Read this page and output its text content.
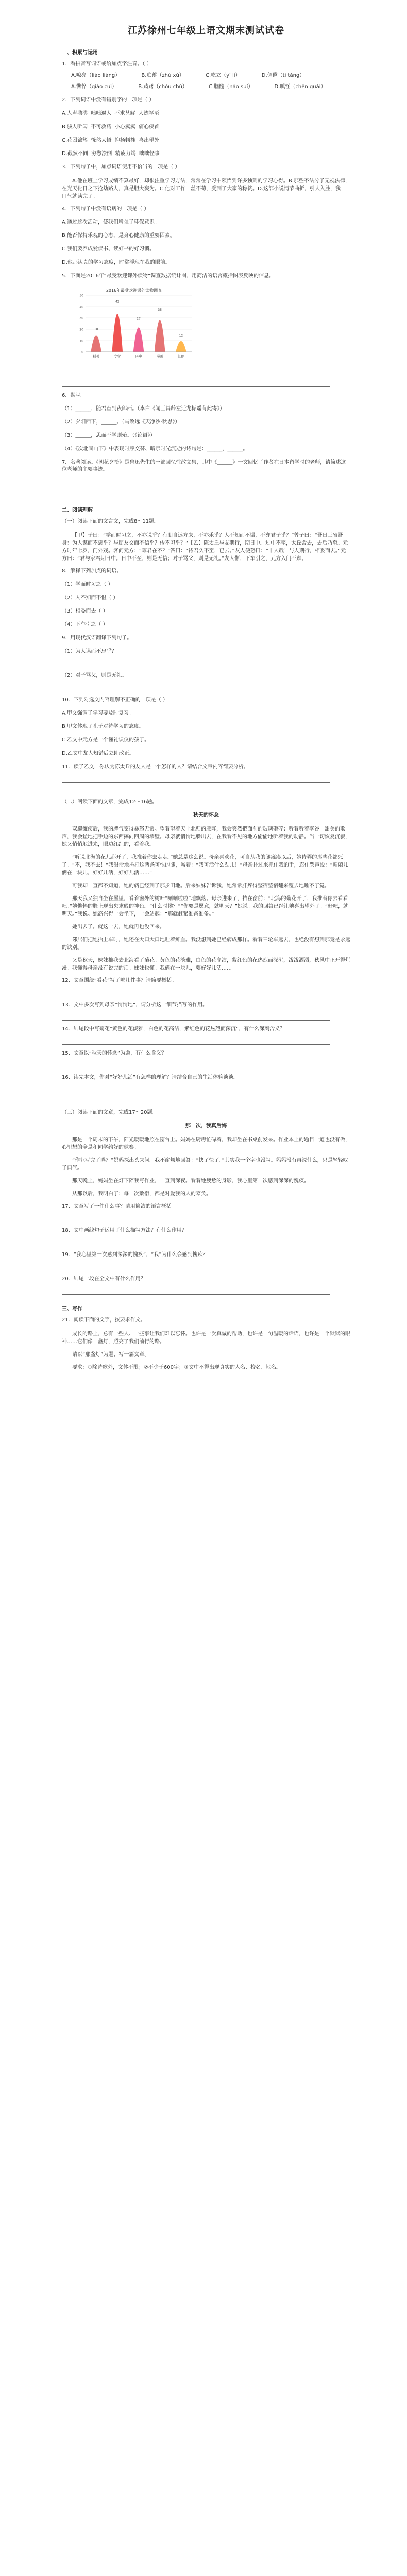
江苏徐州七年级上语文期末测试试卷
一、积累与运用
1．看拼音写词语或给加点字注音。（ ）
A.嘹亮（liáo liàng）	B.贮蓄（zhù xù）	C.屹立（yì lì）	D.倜傥（tì tǎng）
A.憔悴（qiáo cuì）	B.踌躇（chóu chú）	C.脑髓（nǎo suǐ）	D.嗔怪（chēn guài）
2．下列词语中没有错别字的一项是（ ）
A.人声鼎沸  咄咄逼人  不求甚解  人迹罕至
B.骇人听闻  不可救药  小心翼翼  痛心疾首
C.花团锦簇  恍然大悟  抑扬顿挫  喜出望外
D.截然不同  穷愁潦倒  精疲力竭  咄咄怪事
3．下列句子中，加点词语使用不恰当的一项是（ ）
A.他在班上学习成绩不算最好，却很注重学习方法，常常在学习中领悟到许多独到的学习心得。B.那些不法分子无视法律，在光天化日之下抢劫路人，真是胆大妄为。C.他对工作一丝不苟，受到了大家的称赞。D.这部小说情节曲折，引人入胜，我一口气就读完了。
4．下列句子中没有语病的一项是（ ）
A.通过这次活动，使我们增强了环保意识。
B.能否保持乐观的心态，是身心健康的重要因素。
C.我们要养成爱读书、读好书的好习惯。
D.他那认真的学习态度，时常浮现在我的眼前。
5．下面是2016年“最受欢迎课外读物”调查数据统计图，用简洁的语言概括图表反映的信息。
2016年最受欢迎课外读物调查
0
10
20
30
40
50
18
科普
42
文学
27
历史
35
漫画
12
其他
6．默写。
（1）______，随君直到夜郎西。（李白《闻王昌龄左迁龙标遥有此寄》）
（2）夕阳西下，______。（马致远《天净沙·秋思》）
（3）______，思而不学则殆。（《论语》）
（4）《次北固山下》中表现时序交替、暗示时光流逝的诗句是：______，______。
7．名著阅读。《朝花夕拾》是鲁迅先生的一部回忆性散文集，其中《______》一文回忆了作者在日本留学时的老师，请简述这位老师的主要事迹。
二、阅读理解
（一）阅读下面的文言文，完成8～11题。
【甲】子曰：“学而时习之，不亦说乎？有朋自远方来，不亦乐乎？人不知而不愠，不亦君子乎？”曾子曰：“吾日三省吾身：为人谋而不忠乎？与朋友交而不信乎？传不习乎？”【乙】陈太丘与友期行，期日中。过中不至，太丘舍去，去后乃至。元方时年七岁，门外戏。客问元方：“尊君在不？”答曰：“待君久不至，已去。”友人便怒曰：“非人哉！与人期行，相委而去。”元方曰：“君与家君期日中。日中不至，则是无信；对子骂父，则是无礼。”友人惭，下车引之，元方入门不顾。
8．解释下列加点的词语。
（1）学而时习之（ ）
（2）人不知而不愠（ ）
（3）相委而去（ ）
（4）下车引之（ ）
9．用现代汉语翻译下列句子。
（1）为人谋而不忠乎？
（2）对子骂父，则是无礼。
10．下列对选文内容理解不正确的一项是（ ）
A.甲文强调了学习要及时复习。
B.甲文体现了孔子对待学习的态度。
C.乙文中元方是一个懂礼识仪的孩子。
D.乙文中友人知错后立即改正。
11．读了乙文，你认为陈太丘的友人是一个怎样的人？请结合文章内容简要分析。
（二）阅读下面的文章，完成12～16题。
秋天的怀念
双腿瘫痪后，我的脾气变得暴怒无常。望着望着天上北归的雁阵，我会突然把面前的玻璃砸碎；听着听着李谷一甜美的歌声，我会猛地把手边的东西摔向四周的墙壁。母亲就悄悄地躲出去，在我看不见的地方偷偷地听着我的动静。当一切恢复沉寂，她又悄悄地进来，眼边红红的，看着我。
“听说北海的花儿都开了，我推着你去走走。”她总是这么说。母亲喜欢花，可自从我的腿瘫痪以后，她侍弄的那些花都死了。“不，我不去！”我狠命地捶打这两条可恨的腿，喊着：“我可活什么劲儿！”母亲扑过来抓住我的手，忍住哭声说：“咱娘儿俩在一块儿，好好儿活，好好儿活……”
可我却一直都不知道，她的病已经到了那步田地。后来妹妹告诉我，她常常肝疼得整宿整宿翻来覆去地睡不了觉。
那天我又独自坐在屋里，看着窗外的树叶“唰唰啦啦”地飘落。母亲进来了，挡在窗前：“北海的菊花开了，我推着你去看看吧。”她憔悴的脸上现出央求般的神色。“什么时候？”“你要是愿意，就明天？”她说。我的回答已经让她喜出望外了。“好吧，就明天。”我说。她高兴得一会坐下，一会站起：“那就赶紧准备准备。”
她出去了。就这一去，她就再也没回来。
邻居们把她抬上车时，她还在大口大口地吐着鲜血。我没想到她已经病成那样。看着三轮车远去，也绝没有想到那竟是永远的诀别。
又是秋天，妹妹推我去北海看了菊花。黄色的花淡雅，白色的花高洁，紫红色的花热烈而深沉，泼泼洒洒，秋风中正开得烂漫。我懂得母亲没有说完的话。妹妹也懂。我俩在一块儿，要好好儿活……
12．文章围绕“看花”写了哪几件事？请简要概括。
13．文中多次写到母亲“悄悄地”，请分析这一细节描写的作用。
14．结尾段中写菊花“黄色的花淡雅，白色的花高洁，紫红色的花热烈而深沉”，有什么深刻含义？
15．文章以“秋天的怀念”为题，有什么含义？
16．读完本文，你对“好好儿活”有怎样的理解？请结合自己的生活体验谈谈。
（三）阅读下面的文章，完成17～20题。
那一次，我真后悔
那是一个周末的下午，阳光暖暖地照在窗台上。妈妈在厨房忙碌着，我却坐在书桌前发呆。作业本上的题目一道也没有做，心里想的全是和同学约好的球赛。
“作业写完了吗？”妈妈探出头来问。我不耐烦地回答：“快了快了。”其实我一个字也没写。妈妈没有再说什么，只是轻轻叹了口气。
那天晚上，妈妈坐在灯下陪我写作业，一直到深夜。看着她疲惫的身影，我心里第一次感到深深的愧疚。
从那以后，我明白了：每一次敷衍，都是对爱我的人的辜负。
17．文章写了一件什么事？请用简洁的语言概括。
18．文中画线句子运用了什么描写方法？有什么作用？
19．“我心里第一次感到深深的愧疚”，“我”为什么会感到愧疚？
20．结尾一段在全文中有什么作用？
三、写作
21．阅读下面的文字，按要求作文。
成长的路上，总有一些人、一些事让我们难以忘怀。也许是一次真诚的帮助，也许是一句温暖的话语，也许是一个默默的眼神……它们像一盏灯，照亮了我们前行的路。
请以“那盏灯”为题，写一篇文章。
要求：①除诗歌外，文体不限；②不少于600字；③文中不得出现真实的人名、校名、地名。
